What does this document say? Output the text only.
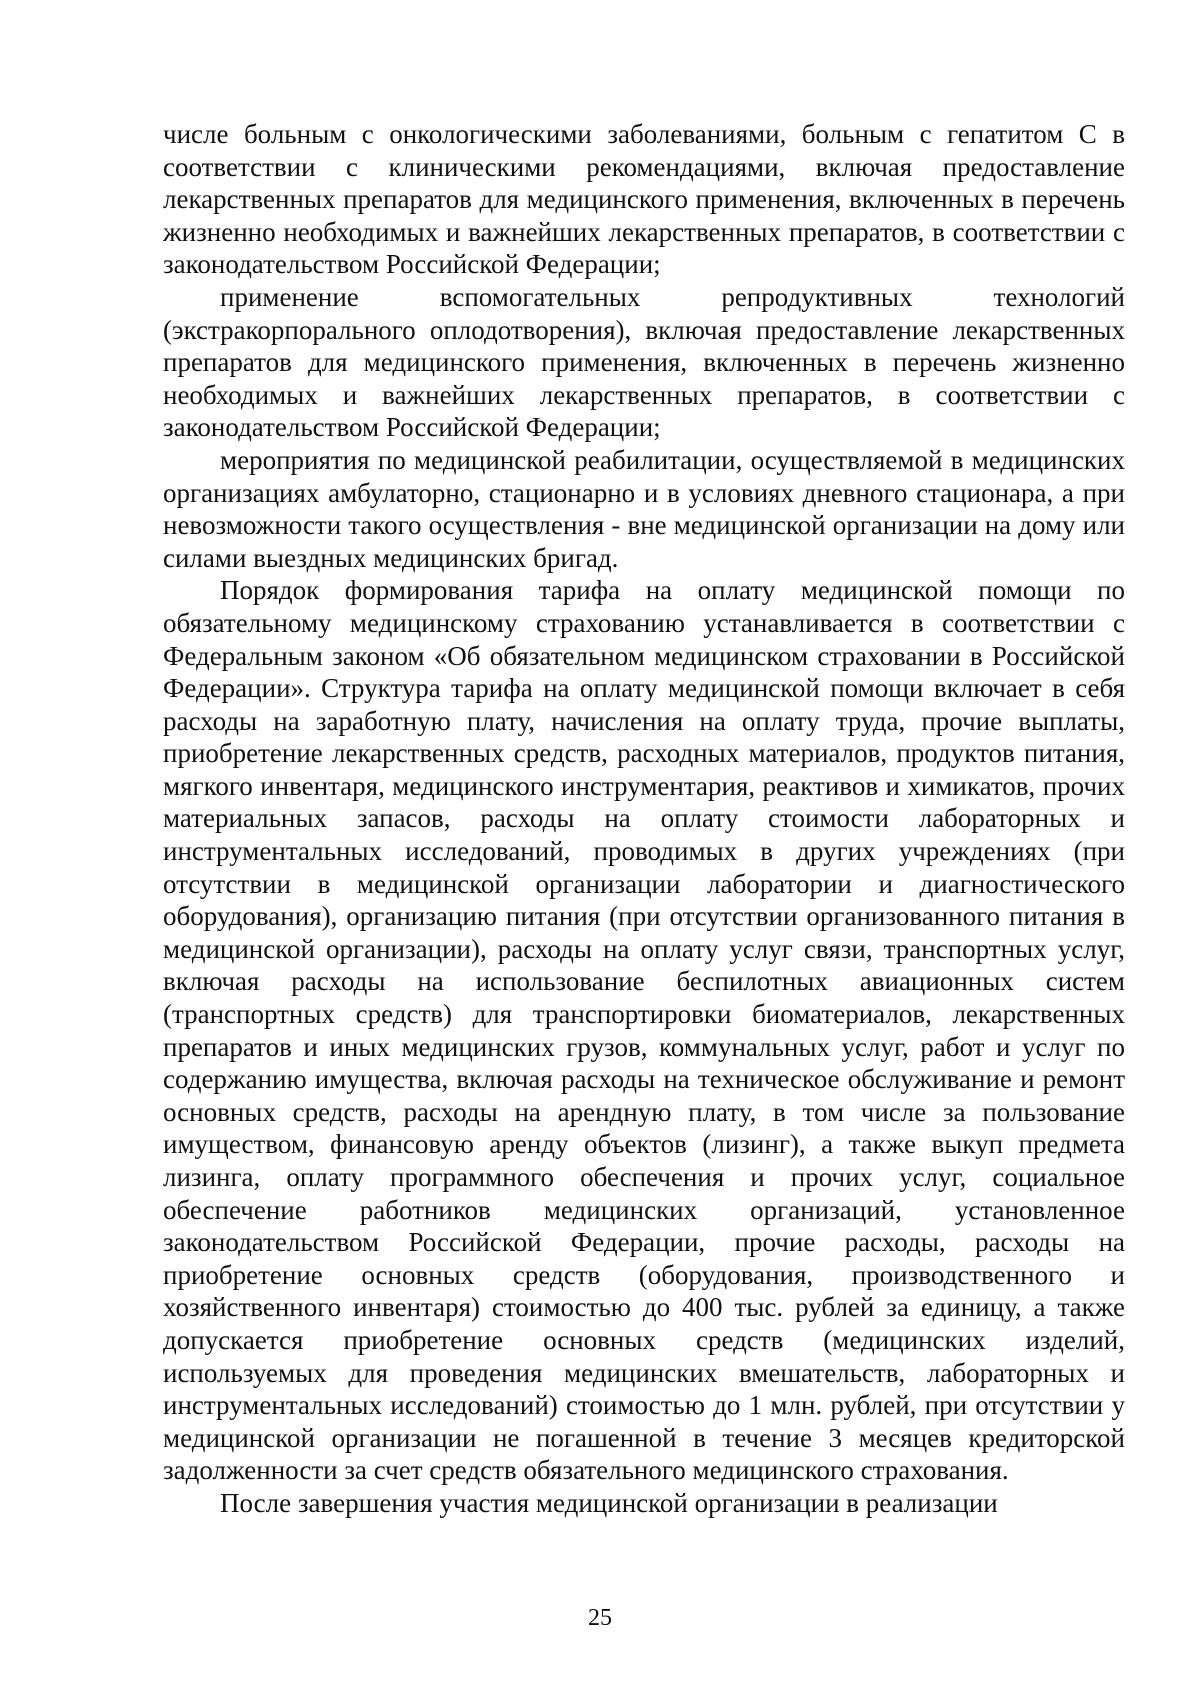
числе больным с онкологическими заболеваниями, больным с гепатитом С в соответствии с клиническими рекомендациями, включая предоставление лекарственных препаратов для медицинского применения, включенных в перечень жизненно необходимых и важнейших лекарственных препаратов, в соответствии с законодательством Российской Федерации;

применение вспомогательных репродуктивных технологий (экстракорпорального оплодотворения), включая предоставление лекарственных препаратов для медицинского применения, включенных в перечень жизненно необходимых и важнейших лекарственных препаратов, в соответствии с законодательством Российской Федерации;

мероприятия по медицинской реабилитации, осуществляемой в медицинских организациях амбулаторно, стационарно и в условиях дневного стационара, а при невозможности такого осуществления - вне медицинской организации на дому или силами выездных медицинских бригад.

Порядок формирования тарифа на оплату медицинской помощи по обязательному медицинскому страхованию устанавливается в соответствии с Федеральным законом «Об обязательном медицинском страховании в Российской Федерации». Структура тарифа на оплату медицинской помощи включает в себя расходы на заработную плату, начисления на оплату труда, прочие выплаты, приобретение лекарственных средств, расходных материалов, продуктов питания, мягкого инвентаря, медицинского инструментария, реактивов и химикатов, прочих материальных запасов, расходы на оплату стоимости лабораторных и инструментальных исследований, проводимых в других учреждениях (при отсутствии в медицинской организации лаборатории и диагностического оборудования), организацию питания (при отсутствии организованного питания в медицинской организации), расходы на оплату услуг связи, транспортных услуг, включая расходы на использование беспилотных авиационных систем (транспортных средств) для транспортировки биоматериалов, лекарственных препаратов и иных медицинских грузов, коммунальных услуг, работ и услуг по содержанию имущества, включая расходы на техническое обслуживание и ремонт основных средств, расходы на арендную плату, в том числе за пользование имуществом, финансовую аренду объектов (лизинг), а также выкуп предмета лизинга, оплату программного обеспечения и прочих услуг, социальное обеспечение работников медицинских организаций, установленное законодательством Российской Федерации, прочие расходы, расходы на приобретение основных средств (оборудования, производственного и хозяйственного инвентаря) стоимостью до 400 тыс. рублей за единицу, а также допускается приобретение основных средств (медицинских изделий, используемых для проведения медицинских вмешательств, лабораторных и инструментальных исследований) стоимостью до 1 млн. рублей, при отсутствии у медицинской организации не погашенной в течение 3 месяцев кредиторской задолженности за счет средств обязательного медицинского страхования.

После завершения участия медицинской организации в реализации

25
